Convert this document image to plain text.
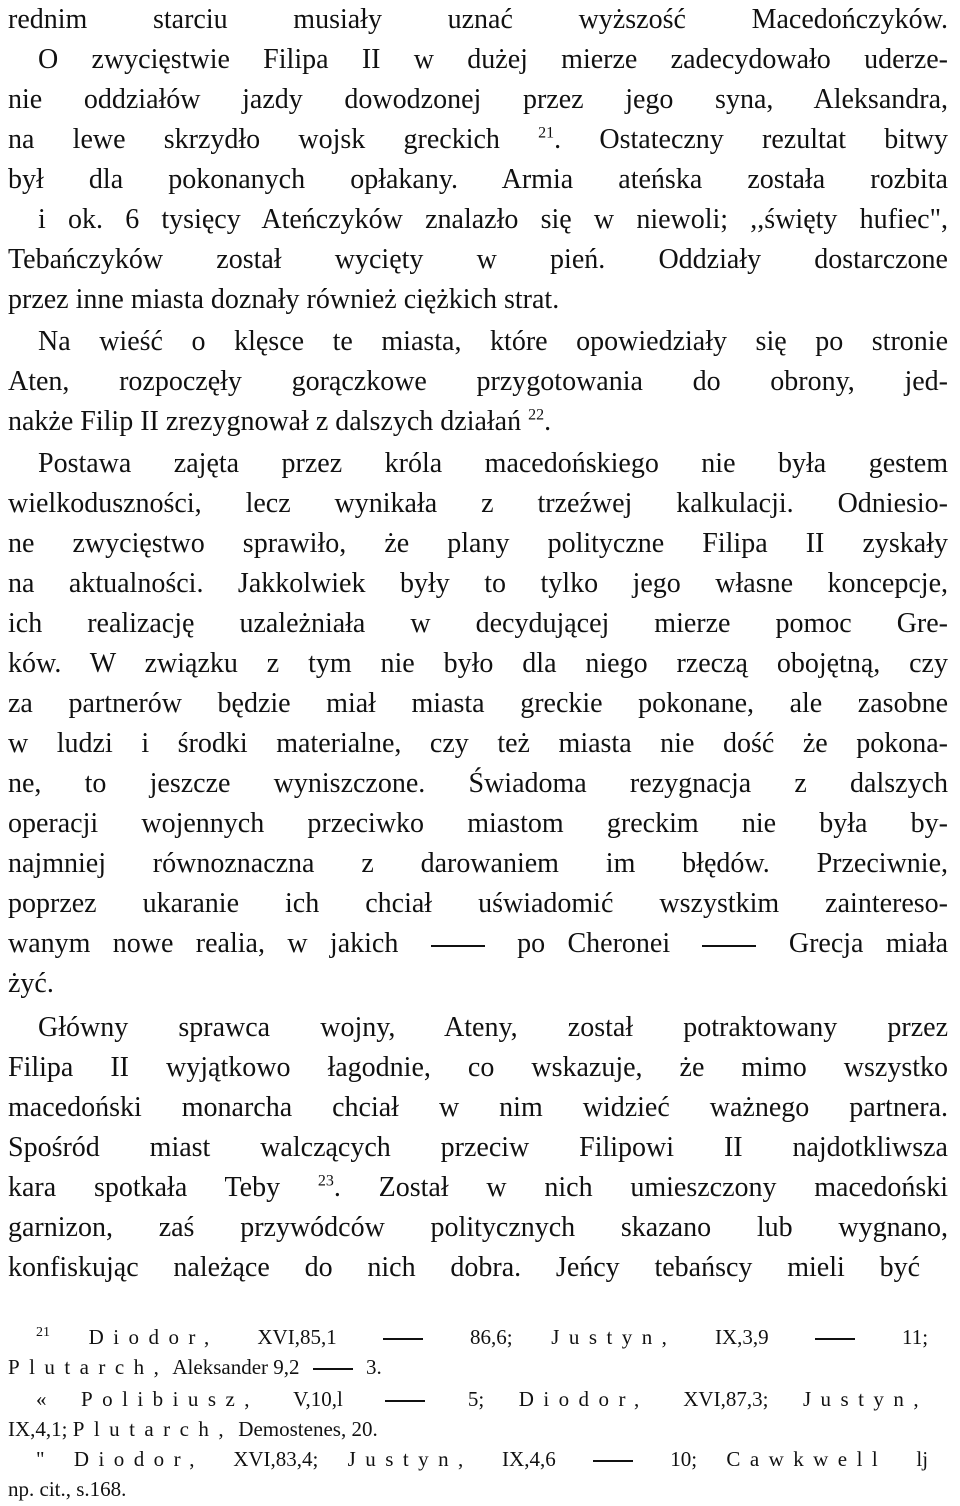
rednim starciu musiały uznać wyższość Macedończyków.
O zwycięstwie Filipa II w dużej mierze zadecydowało uderze-
nie oddziałów jazdy dowodzonej przez jego syna, Aleksandra,
na lewe skrzydło wojsk greckich $^{21}$. Ostateczny rezultat bitwy
był dla pokonanych opłakany. Armia ateńska została rozbita
i ok. 6 tysięcy Ateńczyków znalazło się w niewoli; ,,święty hufiec",
Tebańczyków został wycięty w pień. Oddziały dostarczone
przez inne miasta doznały również ciężkich strat.
Na wieść o klęsce te miasta, które opowiedziały się po stronie
Aten, rozpoczęły gorączkowe przygotowania do obrony, jed-
nakże Filip II zrezygnował z dalszych działań $^{22}$.
Postawa zajęta przez króla macedońskiego nie była gestem
wielkoduszności, lecz wynikała z trzeźwej kalkulacji. Odniesio-
ne zwycięstwo sprawiło, że plany polityczne Filipa II zyskały
na aktualności. Jakkolwiek były to tylko jego własne koncepcje,
ich realizację uzależniała w decydującej mierze pomoc Gre-
ków. W związku z tym nie było dla niego rzeczą obojętną, czy
za partnerów będzie miał miasta greckie pokonane, ale zasobne
w ludzi i środki materialne, czy też miasta nie dość że pokona-
ne, to jeszcze wyniszczone. Świadoma rezygnacja z dalszych
operacji wojennych przeciwko miastom greckim nie była by-
najmniej równoznaczna z darowaniem im błędów. Przeciwnie,
poprzez ukaranie ich chciał uświadomić wszystkim zaintereso-
wanym nowe realia, w jakich	po Cheronei	Grecja miała
żyć.
Główny sprawca wojny, Ateny, został potraktowany przez
Filipa II wyjątkowo łagodnie, co wskazuje, że mimo wszystko
macedoński monarcha chciał w nim widzieć ważnego partnera.
Spośród miast walczących przeciw Filipowi II najdotkliwsza
kara spotkała Teby $^{23}$. Został w nich umieszczony macedoński
garnizon, zaś przywódców politycznych skazano lub wygnano,
konfiskując należące do nich dobra. Jeńcy tebańscy mieli być
$^{21}$ Diodor, XVI,85,1	86,6; Justyn, IX,3,9	11;
Plutarch, Aleksander 9,2	3.
« Polibiusz, V,10,l	5; Diodor, XVI,87,3; Justyn,
IX,4,1; Plutarch, Demostenes, 20.
" Diodor, XVI,83,4; Justyn, IX,4,6	10; Cawkwell lj
np. cit., s.168.
